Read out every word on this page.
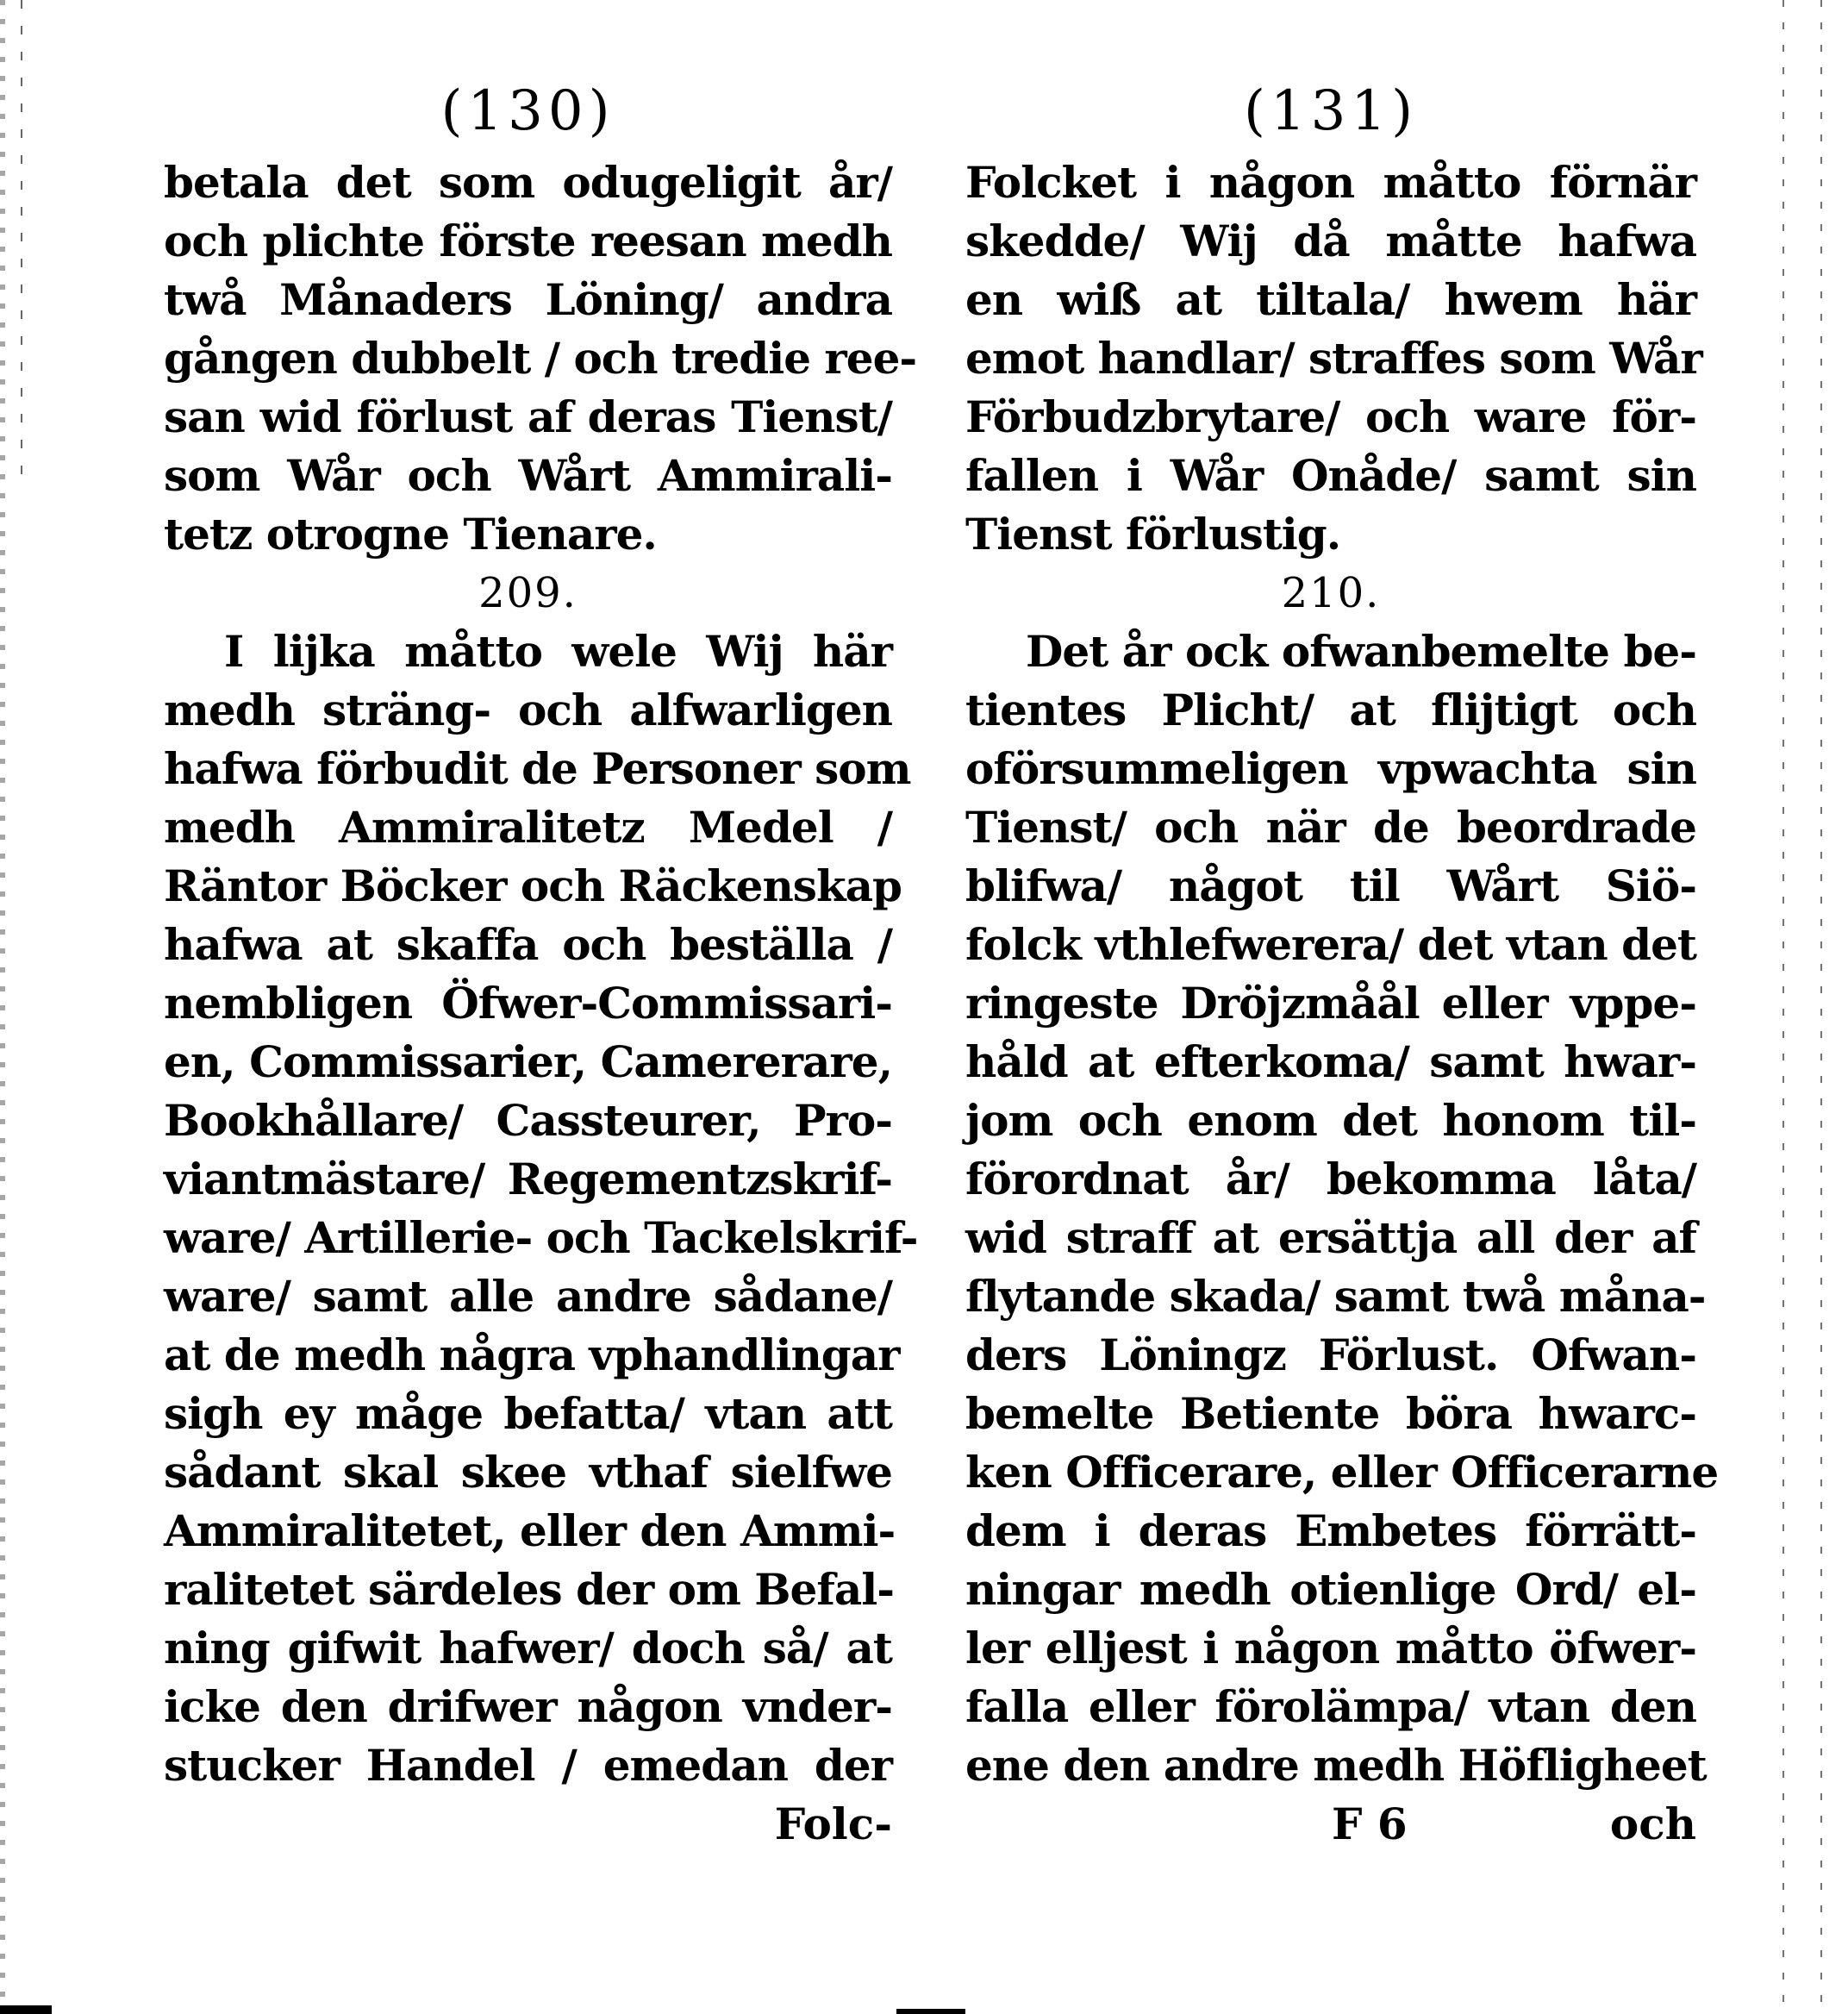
(130)
betala det som odugeligit år/
och plichte förste reesan medh
twå Månaders Löning/ andra
gången dubbelt / och tredie ree-
san wid förlust af deras Tienst/
som Wår och Wårt Ammirali-
tetz otrogne Tienare.
209.
I lijka måtto wele Wij här
medh sträng- och alfwarligen
hafwa förbudit de Personer som
medh Ammiralitetz Medel /
Räntor Böcker och Räckenskap
hafwa at skaffa och beställa /
nembligen Öfwer-Commissari-
en, Commissarier, Camererare,
Bookhållare/ Cassteurer, Pro-
viantmästare/ Regementzskrif-
ware/ Artillerie- och Tackelskrif-
ware/ samt alle andre sådane/
at de medh några vphandlingar
sigh ey måge befatta/ vtan att
sådant skal skee vthaf sielfwe
Ammiralitetet, eller den Ammi-
ralitetet särdeles der om Befal-
ning gifwit hafwer/ doch så/ at
icke den drifwer någon vnder-
stucker Handel / emedan der
Folc-
(131)
Folcket i någon måtto förnär
skedde/ Wij då måtte hafwa
en wiß at tiltala/ hwem här
emot handlar/ straffes som Wår
Förbudzbrytare/ och ware för-
fallen i Wår Onåde/ samt sin
Tienst förlustig.
210.
Det år ock ofwanbemelte be-
tientes Plicht/ at flijtigt och
oförsummeligen vpwachta sin
Tienst/ och när de beordrade
blifwa/ något til Wårt Siö-
folck vthlefwerera/ det vtan det
ringeste Dröjzmåål eller vppe-
håld at efterkoma/ samt hwar-
jom och enom det honom til-
förordnat år/ bekomma låta/
wid straff at ersättja all der af
flytande skada/ samt twå måna-
ders Löningz Förlust. Ofwan-
bemelte Betiente böra hwarc-
ken Officerare, eller Officerarne
dem i deras Embetes förrätt-
ningar medh otienlige Ord/ el-
ler elljest i någon måtto öfwer-
falla eller förolämpa/ vtan den
ene den andre medh Höfligheet
F 6	och
